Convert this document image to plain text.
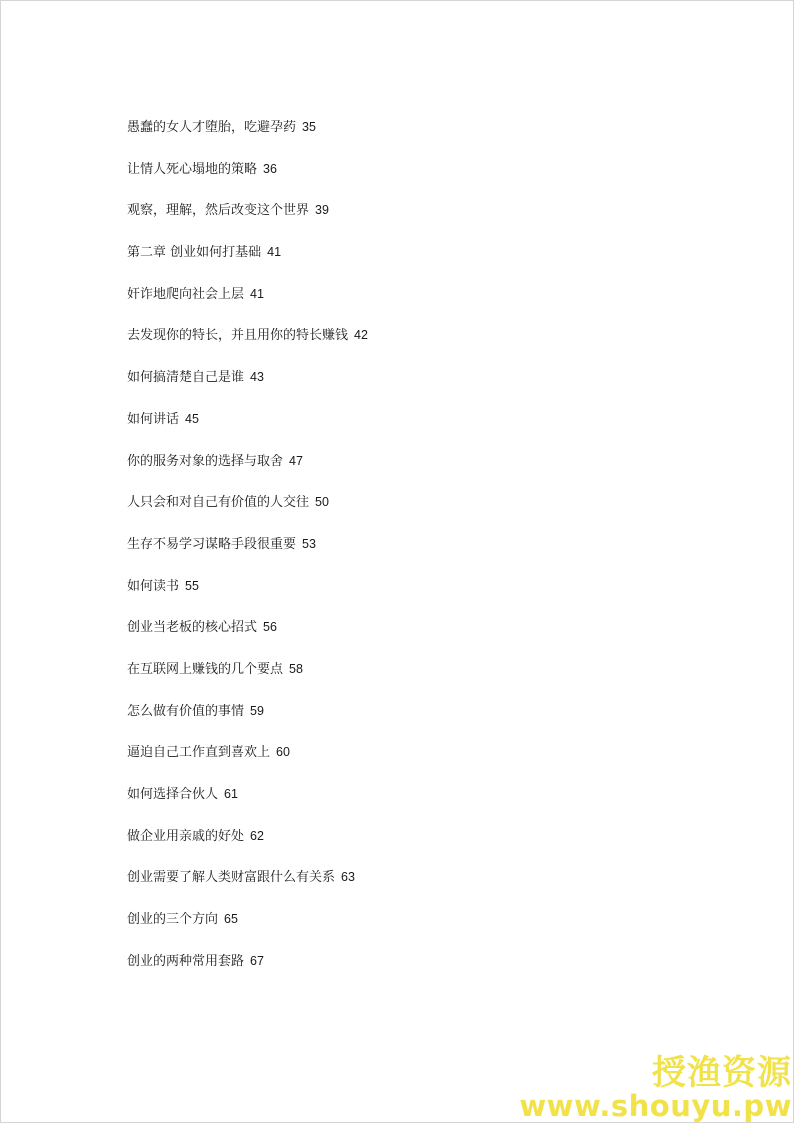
愚蠢的女人才堕胎，吃避孕药 35
让情人死心塌地的策略 36
观察，理解，然后改变这个世界 39
第二章 创业如何打基础 41
奸诈地爬向社会上层 41
去发现你的特长，并且用你的特长赚钱 42
如何搞清楚自己是谁 43
如何讲话 45
你的服务对象的选择与取舍 47
人只会和对自己有价值的人交往 50
生存不易学习谋略手段很重要 53
如何读书 55
创业当老板的核心招式 56
在互联网上赚钱的几个要点 58
怎么做有价值的事情 59
逼迫自己工作直到喜欢上 60
如何选择合伙人 61
做企业用亲戚的好处 62
创业需要了解人类财富跟什么有关系 63
创业的三个方向 65
创业的两种常用套路 67
授渔资源
www.shouyu.pw
